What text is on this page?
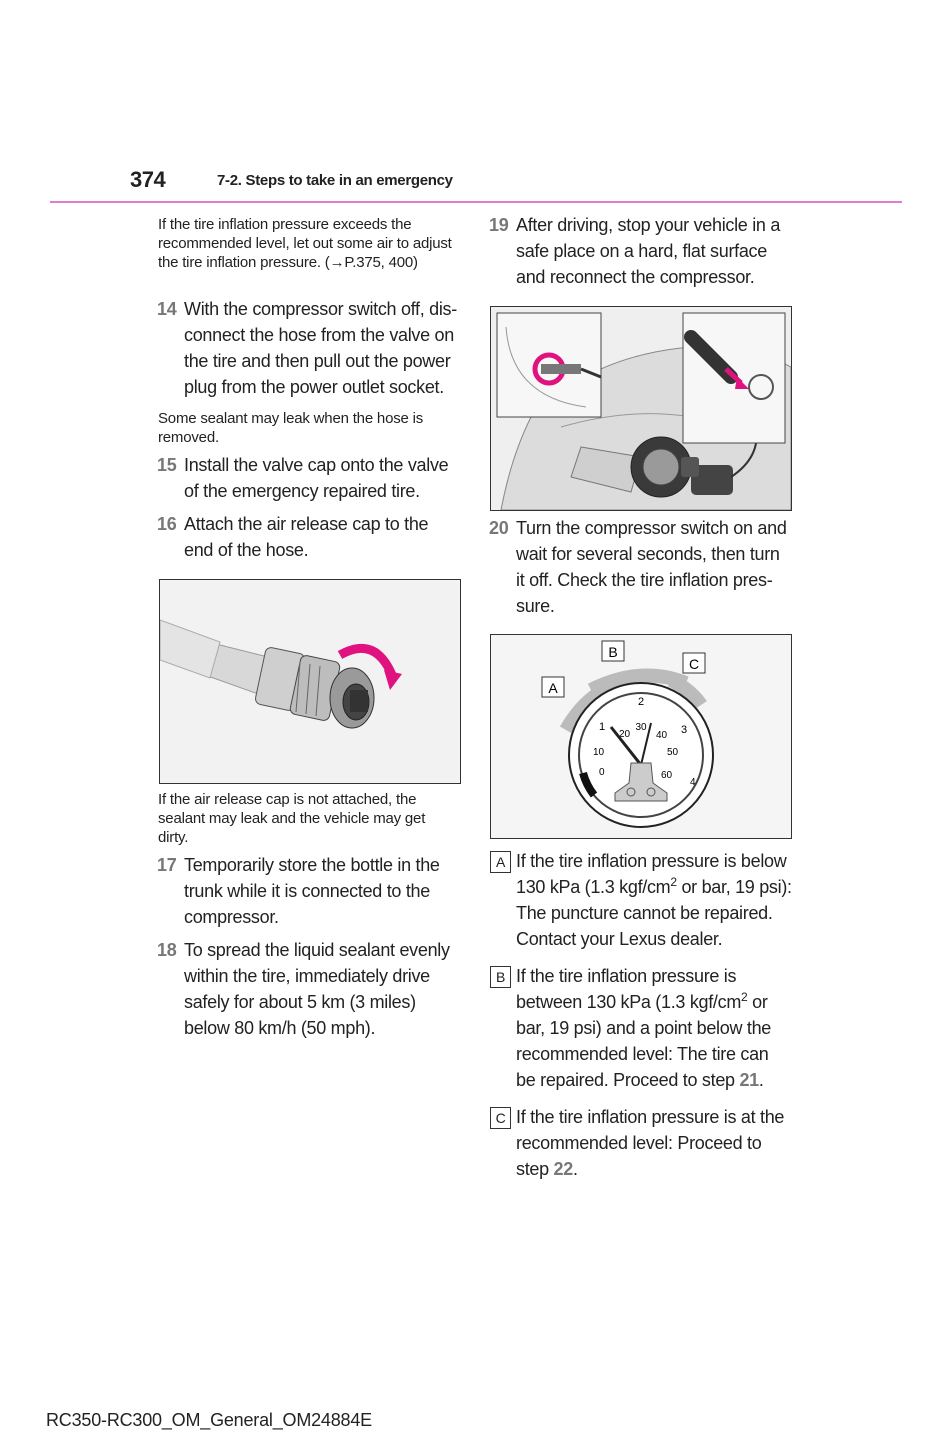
374	7-2. Steps to take in an emergency
If the tire inflation pressure exceeds the recommended level, let out some air to adjust the tire inflation pressure. (→P.375, 400)
14 With the compressor switch off, dis-connect the hose from the valve on the tire and then pull out the power plug from the power outlet socket.
Some sealant may leak when the hose is removed.
15 Install the valve cap onto the valve of the emergency repaired tire.
16 Attach the air release cap to the end of the hose.
If the air release cap is not attached, the sealant may leak and the vehicle may get dirty.
17 Temporarily store the bottle in the trunk while it is connected to the compressor.
18 To spread the liquid sealant evenly within the tire, immediately drive safely for about 5 km (3 miles) below 80 km/h (50 mph).
19 After driving, stop your vehicle in a safe place on a hard, flat surface and reconnect the compressor.
20 Turn the compressor switch on and wait for several seconds, then turn it off. Check the tire inflation pres-sure.
A
B
C
1
2
3
4
10
20
30
40
50
60
0
A If the tire inflation pressure is below 130 kPa (1.3 kgf/$cm^2$ or bar, 19 psi): The puncture cannot be repaired. Contact your Lexus dealer.
B If the tire inflation pressure is between 130 kPa (1.3 kgf/$cm^2$ or bar, 19 psi) and a point below the recommended level: The tire can be repaired. Proceed to step 21.
C If the tire inflation pressure is at the recommended level: Proceed to step 22.
RC350-RC300_OM_General_OM24884E
